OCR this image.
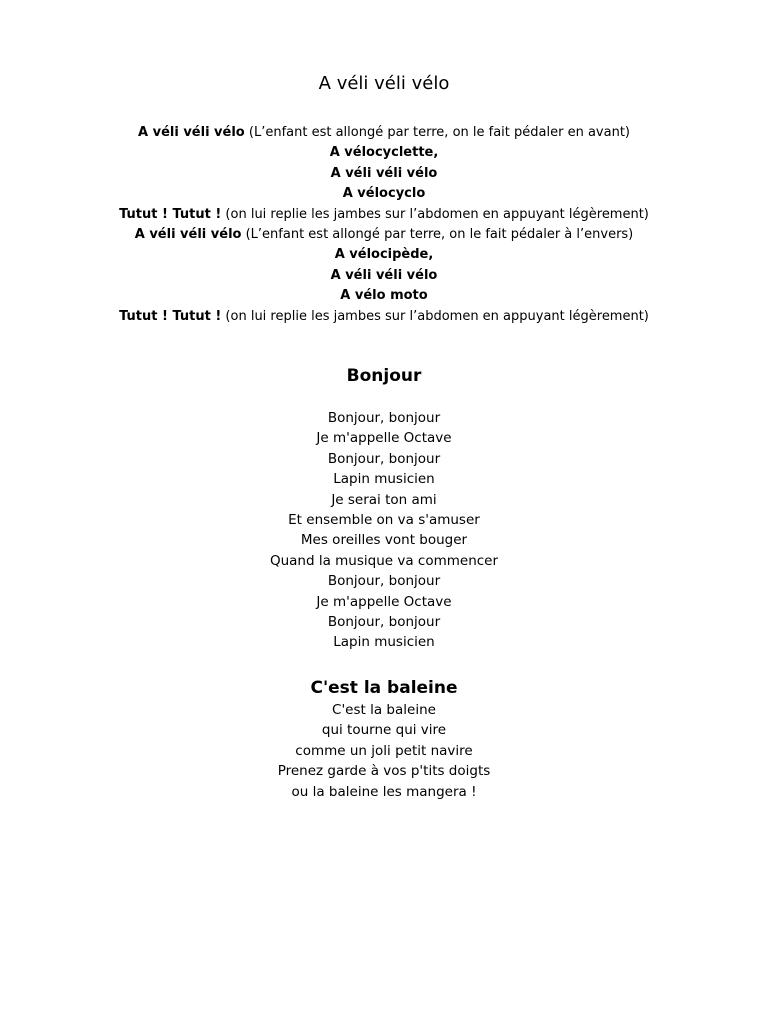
A véli véli vélo
A véli véli vélo (L’enfant est allongé par terre, on le fait pédaler en avant)
A vélocyclette,
A véli véli vélo
A vélocyclo
Tutut ! Tutut ! (on lui replie les jambes sur l’abdomen en appuyant légèrement)
A véli véli vélo (L’enfant est allongé par terre, on le fait pédaler à l’envers)
A vélocipède,
A véli véli vélo
A vélo moto
Tutut ! Tutut ! (on lui replie les jambes sur l’abdomen en appuyant légèrement)
Bonjour
Bonjour, bonjour
Je m'appelle Octave
Bonjour, bonjour
Lapin musicien
Je serai ton ami
Et ensemble on va s'amuser
Mes oreilles vont bouger
Quand la musique va commencer
Bonjour, bonjour
Je m'appelle Octave
Bonjour, bonjour
Lapin musicien
C'est la baleine
C'est la baleine
qui tourne qui vire
comme un joli petit navire
Prenez garde à vos p'tits doigts
ou la baleine les mangera !
